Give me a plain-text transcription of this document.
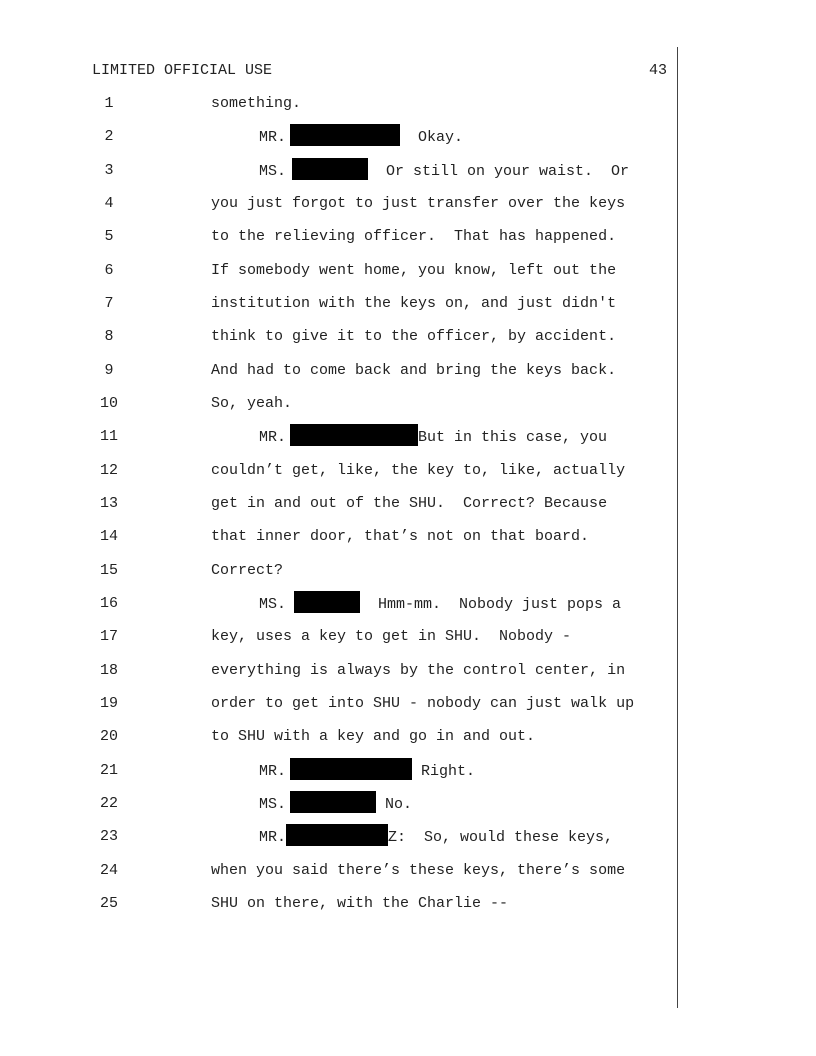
LIMITED OFFICIAL USE	43
1	something.
2	MR.	Okay.
3	MS.	Or still on your waist.  Or
4	you just forgot to just transfer over the keys
5	to the relieving officer.  That has happened.
6	If somebody went home, you know, left out the
7	institution with the keys on, and just didn't
8	think to give it to the officer, by accident.
9	And had to come back and bring the keys back.
10	So, yeah.
11	MR.	But in this case, you
12	couldn’t get, like, the key to, like, actually
13	get in and out of the SHU.  Correct? Because
14	that inner door, that’s not on that board.
15	Correct?
16	MS.	Hmm-mm.  Nobody just pops a
17	key, uses a key to get in SHU.  Nobody -
18	everything is always by the control center, in
19	order to get into SHU - nobody can just walk up
20	to SHU with a key and go in and out.
21	MR.	Right.
22	MS.	No.
23	MR.	Z:  So, would these keys,
24	when you said there’s these keys, there’s some
25	SHU on there, with the Charlie --
